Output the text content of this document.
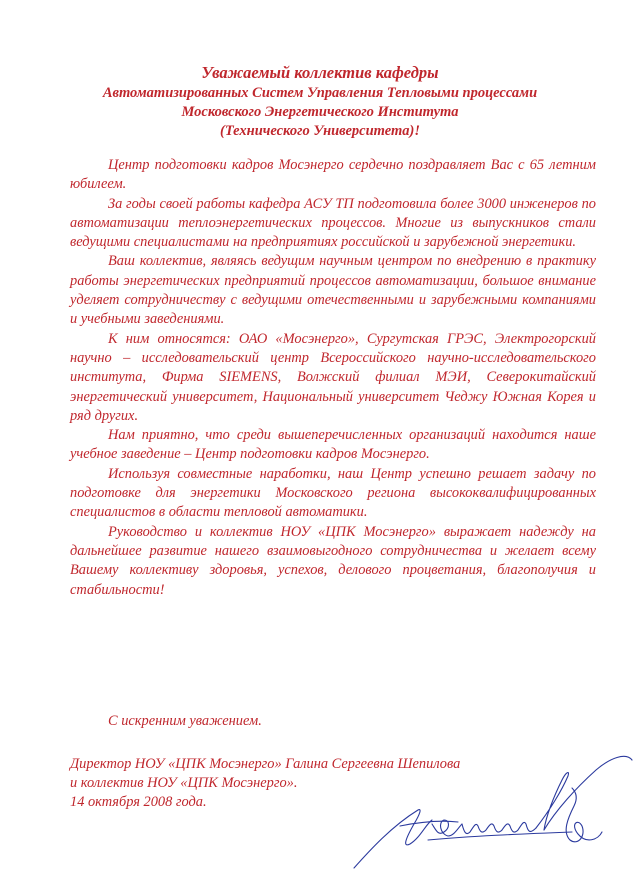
Уважаемый коллектив кафедры
Автоматизированных Систем Управления Тепловыми процессами
Московского Энергетического Института
(Технического Университета)!

Центр подготовки кадров Мосэнерго сердечно поздравляет Вас с 65 летним юбилеем.

За годы своей работы кафедра АСУ ТП подготовила более 3000 инженеров по автоматизации теплоэнергетических процессов. Многие из выпускников стали ведущими специалистами на предприятиях российской и зарубежной энергетики.

Ваш коллектив, являясь ведущим научным центром по внедрению в практику работы энергетических предприятий процессов автоматизации, большое внимание уделяет сотрудничеству с ведущими отечественными и зарубежными компаниями и учебными заведениями.

К ним относятся: ОАО «Мосэнерго», Сургутская ГРЭС, Электрогорский научно – исследовательский центр Всероссийского научно-исследовательского института, Фирма SIEMENS, Волжский филиал МЭИ, Северокитайский энергетический университет, Национальный университет Чеджу Южная Корея и ряд других.

Нам приятно, что среди вышеперечисленных организаций находится наше учебное заведение – Центр подготовки кадров Мосэнерго.

Используя совместные наработки, наш Центр успешно решает задачу по подготовке для энергетики Московского региона высококвалифицированных специалистов в области тепловой автоматики.

Руководство и коллектив НОУ «ЦПК Мосэнерго» выражает надежду на дальнейшее развитие нашего взаимовыгодного сотрудничества и желает всему Вашему коллективу здоровья, успехов, делового процветания, благополучия и стабильности!

С искренним уважением.
Директор НОУ «ЦПК Мосэнерго» Галина Сергеевна Шепилова
и коллектив НОУ «ЦПК Мосэнерго».
14 октября 2008 года.
